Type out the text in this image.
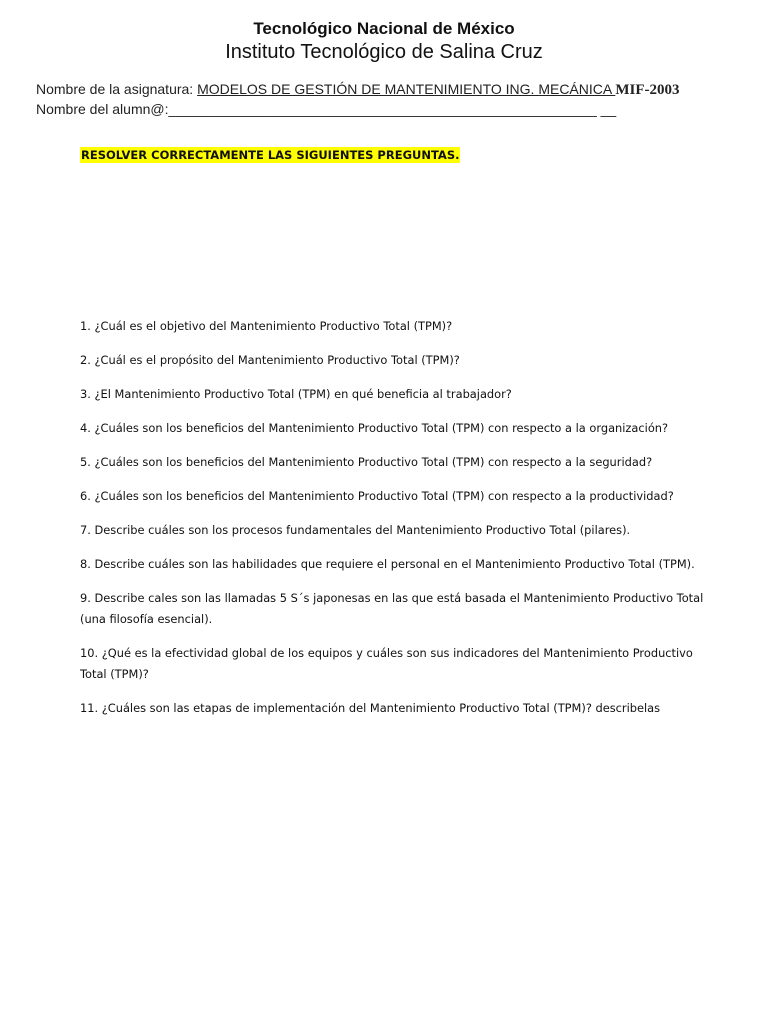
Tecnológico Nacional de México
Instituto Tecnológico de Salina Cruz
Nombre de la asignatura: MODELOS DE GESTIÓN DE MANTENIMIENTO ING. MECÁNICA MIF-2003
Nombre del alumn@:_______________________________________________________ __
RESOLVER CORRECTAMENTE LAS SIGUIENTES PREGUNTAS.
1. ¿Cuál es el objetivo del Mantenimiento Productivo Total (TPM)?
2. ¿Cuál es el propósito del Mantenimiento Productivo Total (TPM)?
3. ¿El Mantenimiento Productivo Total (TPM) en qué beneficia al trabajador?
4. ¿Cuáles son los beneficios del Mantenimiento Productivo Total (TPM) con respecto a la organización?
5. ¿Cuáles son los beneficios del Mantenimiento Productivo Total (TPM) con respecto a la seguridad?
6. ¿Cuáles son los beneficios del Mantenimiento Productivo Total (TPM) con respecto a la productividad?
7. Describe cuáles son los procesos fundamentales del Mantenimiento Productivo Total (pilares).
8. Describe cuáles son las habilidades que requiere el personal en el Mantenimiento Productivo Total (TPM).
9. Describe cales son las llamadas 5 S´s japonesas en las que está basada el Mantenimiento Productivo Total (una filosofía esencial).
10. ¿Qué es la efectividad global de los equipos y cuáles son sus indicadores del Mantenimiento Productivo Total (TPM)?
11. ¿Cuáles son las etapas de implementación del Mantenimiento Productivo Total (TPM)? describelas
